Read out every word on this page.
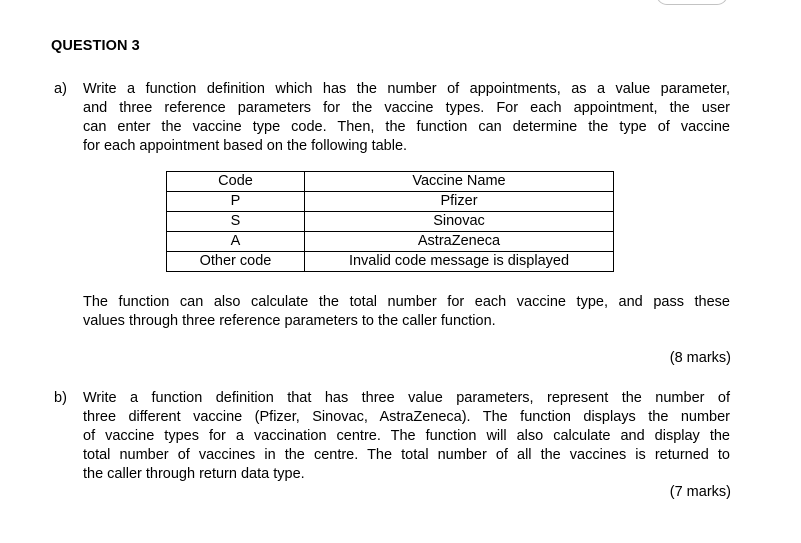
QUESTION 3
a) Write a function definition which has the number of appointments, as a value parameter,
and three reference parameters for the vaccine types. For each appointment, the user
can enter the vaccine type code. Then, the function can determine the type of vaccine
for each appointment based on the following table.
Code	Vaccine Name
P	Pfizer
S	Sinovac
A	AstraZeneca
Other code	Invalid code message is displayed
The function can also calculate the total number for each vaccine type, and pass these
values through three reference parameters to the caller function.
(8 marks)
b) Write a function definition that has three value parameters, represent the number of
three different vaccine (Pfizer, Sinovac, AstraZeneca). The function displays the number
of vaccine types for a vaccination centre. The function will also calculate and display the
total number of vaccines in the centre. The total number of all the vaccines is returned to
the caller through return data type.
(7 marks)
